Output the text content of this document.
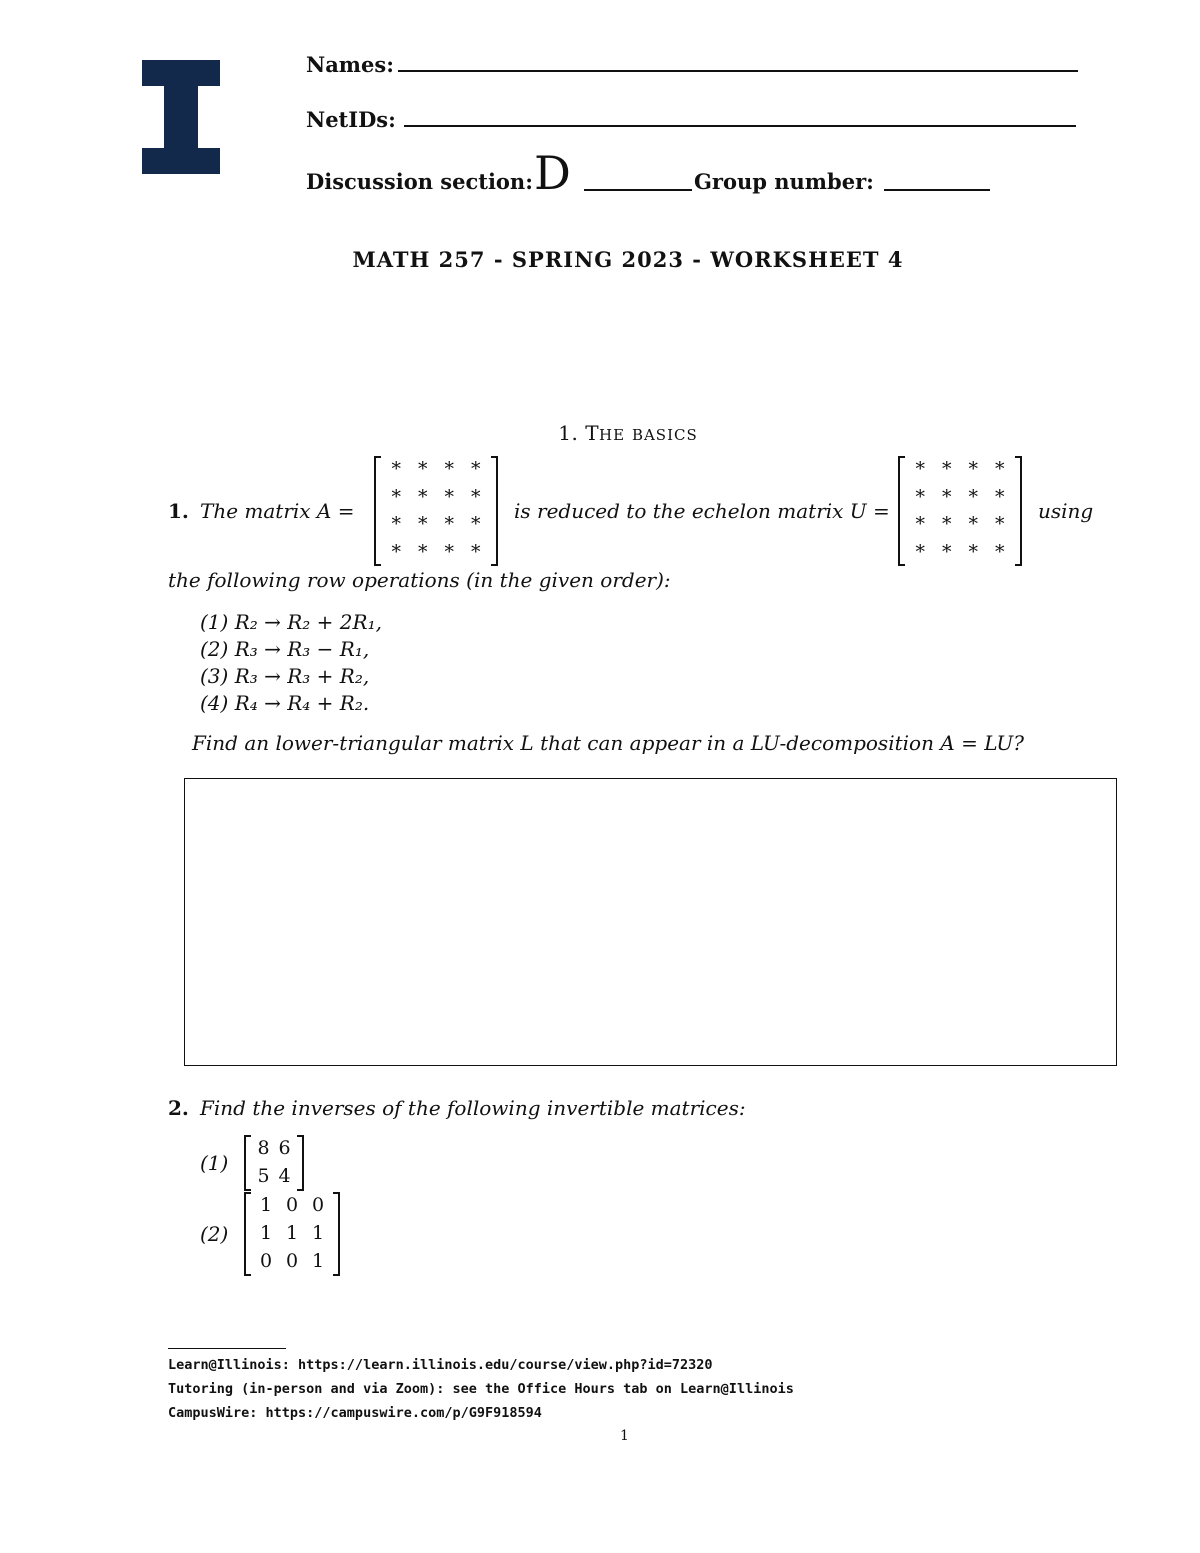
Names:
NetIDs:
Discussion section: D	Group number:
MATH 257 - SPRING 2023 - WORKSHEET 4
1. THE BASICS
1. The matrix A =
* * * *
* * * *
* * * *
* * * *
is reduced to the echelon matrix U =
* * * *
* * * *
* * * *
* * * *
using
the following row operations (in the given order):
(1) R₂ → R₂ + 2R₁,
(2) R₃ → R₃ − R₁,
(3) R₃ → R₃ + R₂,
(4) R₄ → R₄ + R₂.
Find an lower-triangular matrix L that can appear in a LU-decomposition A = LU?
2. Find the inverses of the following invertible matrices:
(1)
8 6
5 4
(2)
1 0 0
1 1 1
0 0 1
Learn@Illinois: https://learn.illinois.edu/course/view.php?id=72320
Tutoring (in-person and via Zoom): see the Office Hours tab on Learn@Illinois
CampusWire: https://campuswire.com/p/G9F918594
1
